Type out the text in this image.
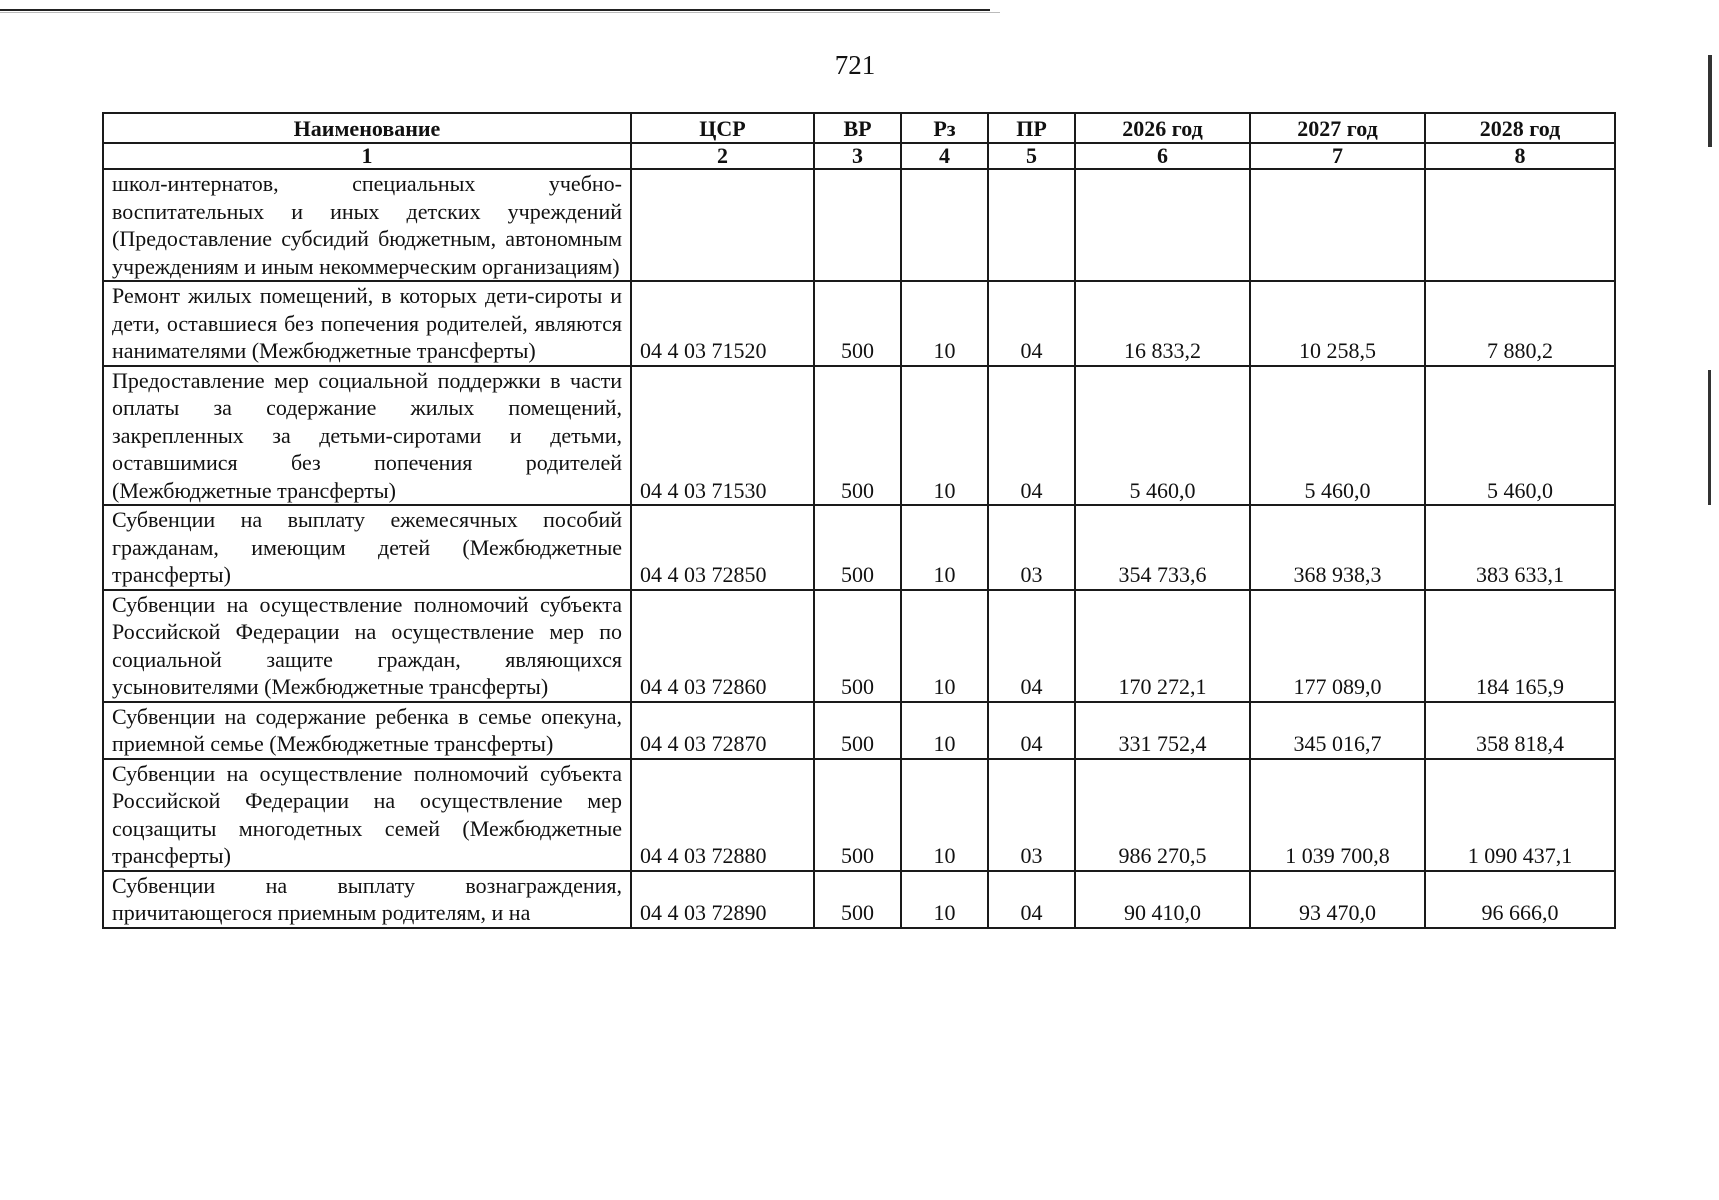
721
Наименование	ЦСР	ВР	Рз	ПР	2026 год	2027 год	2028 год
1	2	3	4	5	6	7	8
школ-интернатов, специальных учебно-воспитательных и иных детских учреждений (Предоставление субсидий бюджетным, автономным учреждениям и иным некоммерческим организациям)							
Ремонт жилых помещений, в которых дети-сироты и дети, оставшиеся без попечения родителей, являются нанимателями (Межбюджетные трансферты)	04 4 03 71520	500	10	04	16 833,2	10 258,5	7 880,2
Предоставление мер социальной поддержки в части оплаты за содержание жилых помещений, закрепленных за детьми-сиротами и детьми, оставшимися без попечения родителей (Межбюджетные трансферты)	04 4 03 71530	500	10	04	5 460,0	5 460,0	5 460,0
Субвенции на выплату ежемесячных пособий гражданам, имеющим детей (Межбюджетные трансферты)	04 4 03 72850	500	10	03	354 733,6	368 938,3	383 633,1
Субвенции на осуществление полномочий субъекта Российской Федерации на осуществление мер по социальной защите граждан, являющихся усыновителями (Межбюджетные трансферты)	04 4 03 72860	500	10	04	170 272,1	177 089,0	184 165,9
Субвенции на содержание ребенка в семье опекуна, приемной семье (Межбюджетные трансферты)	04 4 03 72870	500	10	04	331 752,4	345 016,7	358 818,4
Субвенции на осуществление полномочий субъекта Российской Федерации на осуществление мер соцзащиты многодетных семей (Межбюджетные трансферты)	04 4 03 72880	500	10	03	986 270,5	1 039 700,8	1 090 437,1
Субвенции на выплату вознаграждения, причитающегося приемным родителям, и на	04 4 03 72890	500	10	04	90 410,0	93 470,0	96 666,0
